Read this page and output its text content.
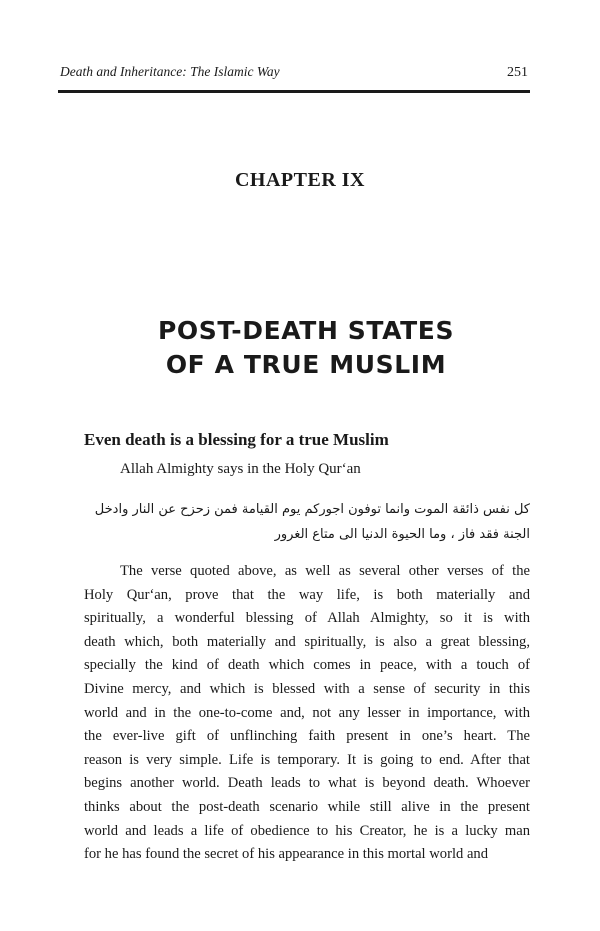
Death and Inheritance: The Islamic Way	251
CHAPTER IX
POST-DEATH STATES
OF A TRUE MUSLIM
Even death is a blessing for a true Muslim
Allah Almighty says in the Holy Qur‘an
كل نفس ذائقة الموت وانما توفون اجوركم يوم القيامة فمن زحزح عن النار وادخل
الجنة فقد فاز ، وما الحيوة الدنيا الى متاع الغرور
The verse quoted above, as well as several other verses of the
Holy Qur‘an, prove that the way life, is both materially and
spiritually, a wonderful blessing of Allah Almighty, so it is with
death which, both materially and spiritually, is also a great blessing,
specially the kind of death which comes in peace, with a touch of
Divine mercy, and which is blessed with a sense of security in this
world and in the one-to-come and, not any lesser in importance, with
the ever-live gift of unflinching faith present in one’s heart. The
reason is very simple. Life is temporary. It is going to end. After that
begins another world. Death leads to what is beyond death. Whoever
thinks about the post-death scenario while still alive in the present
world and leads a life of obedience to his Creator, he is a lucky man
for he has found the secret of his appearance in this mortal world and
